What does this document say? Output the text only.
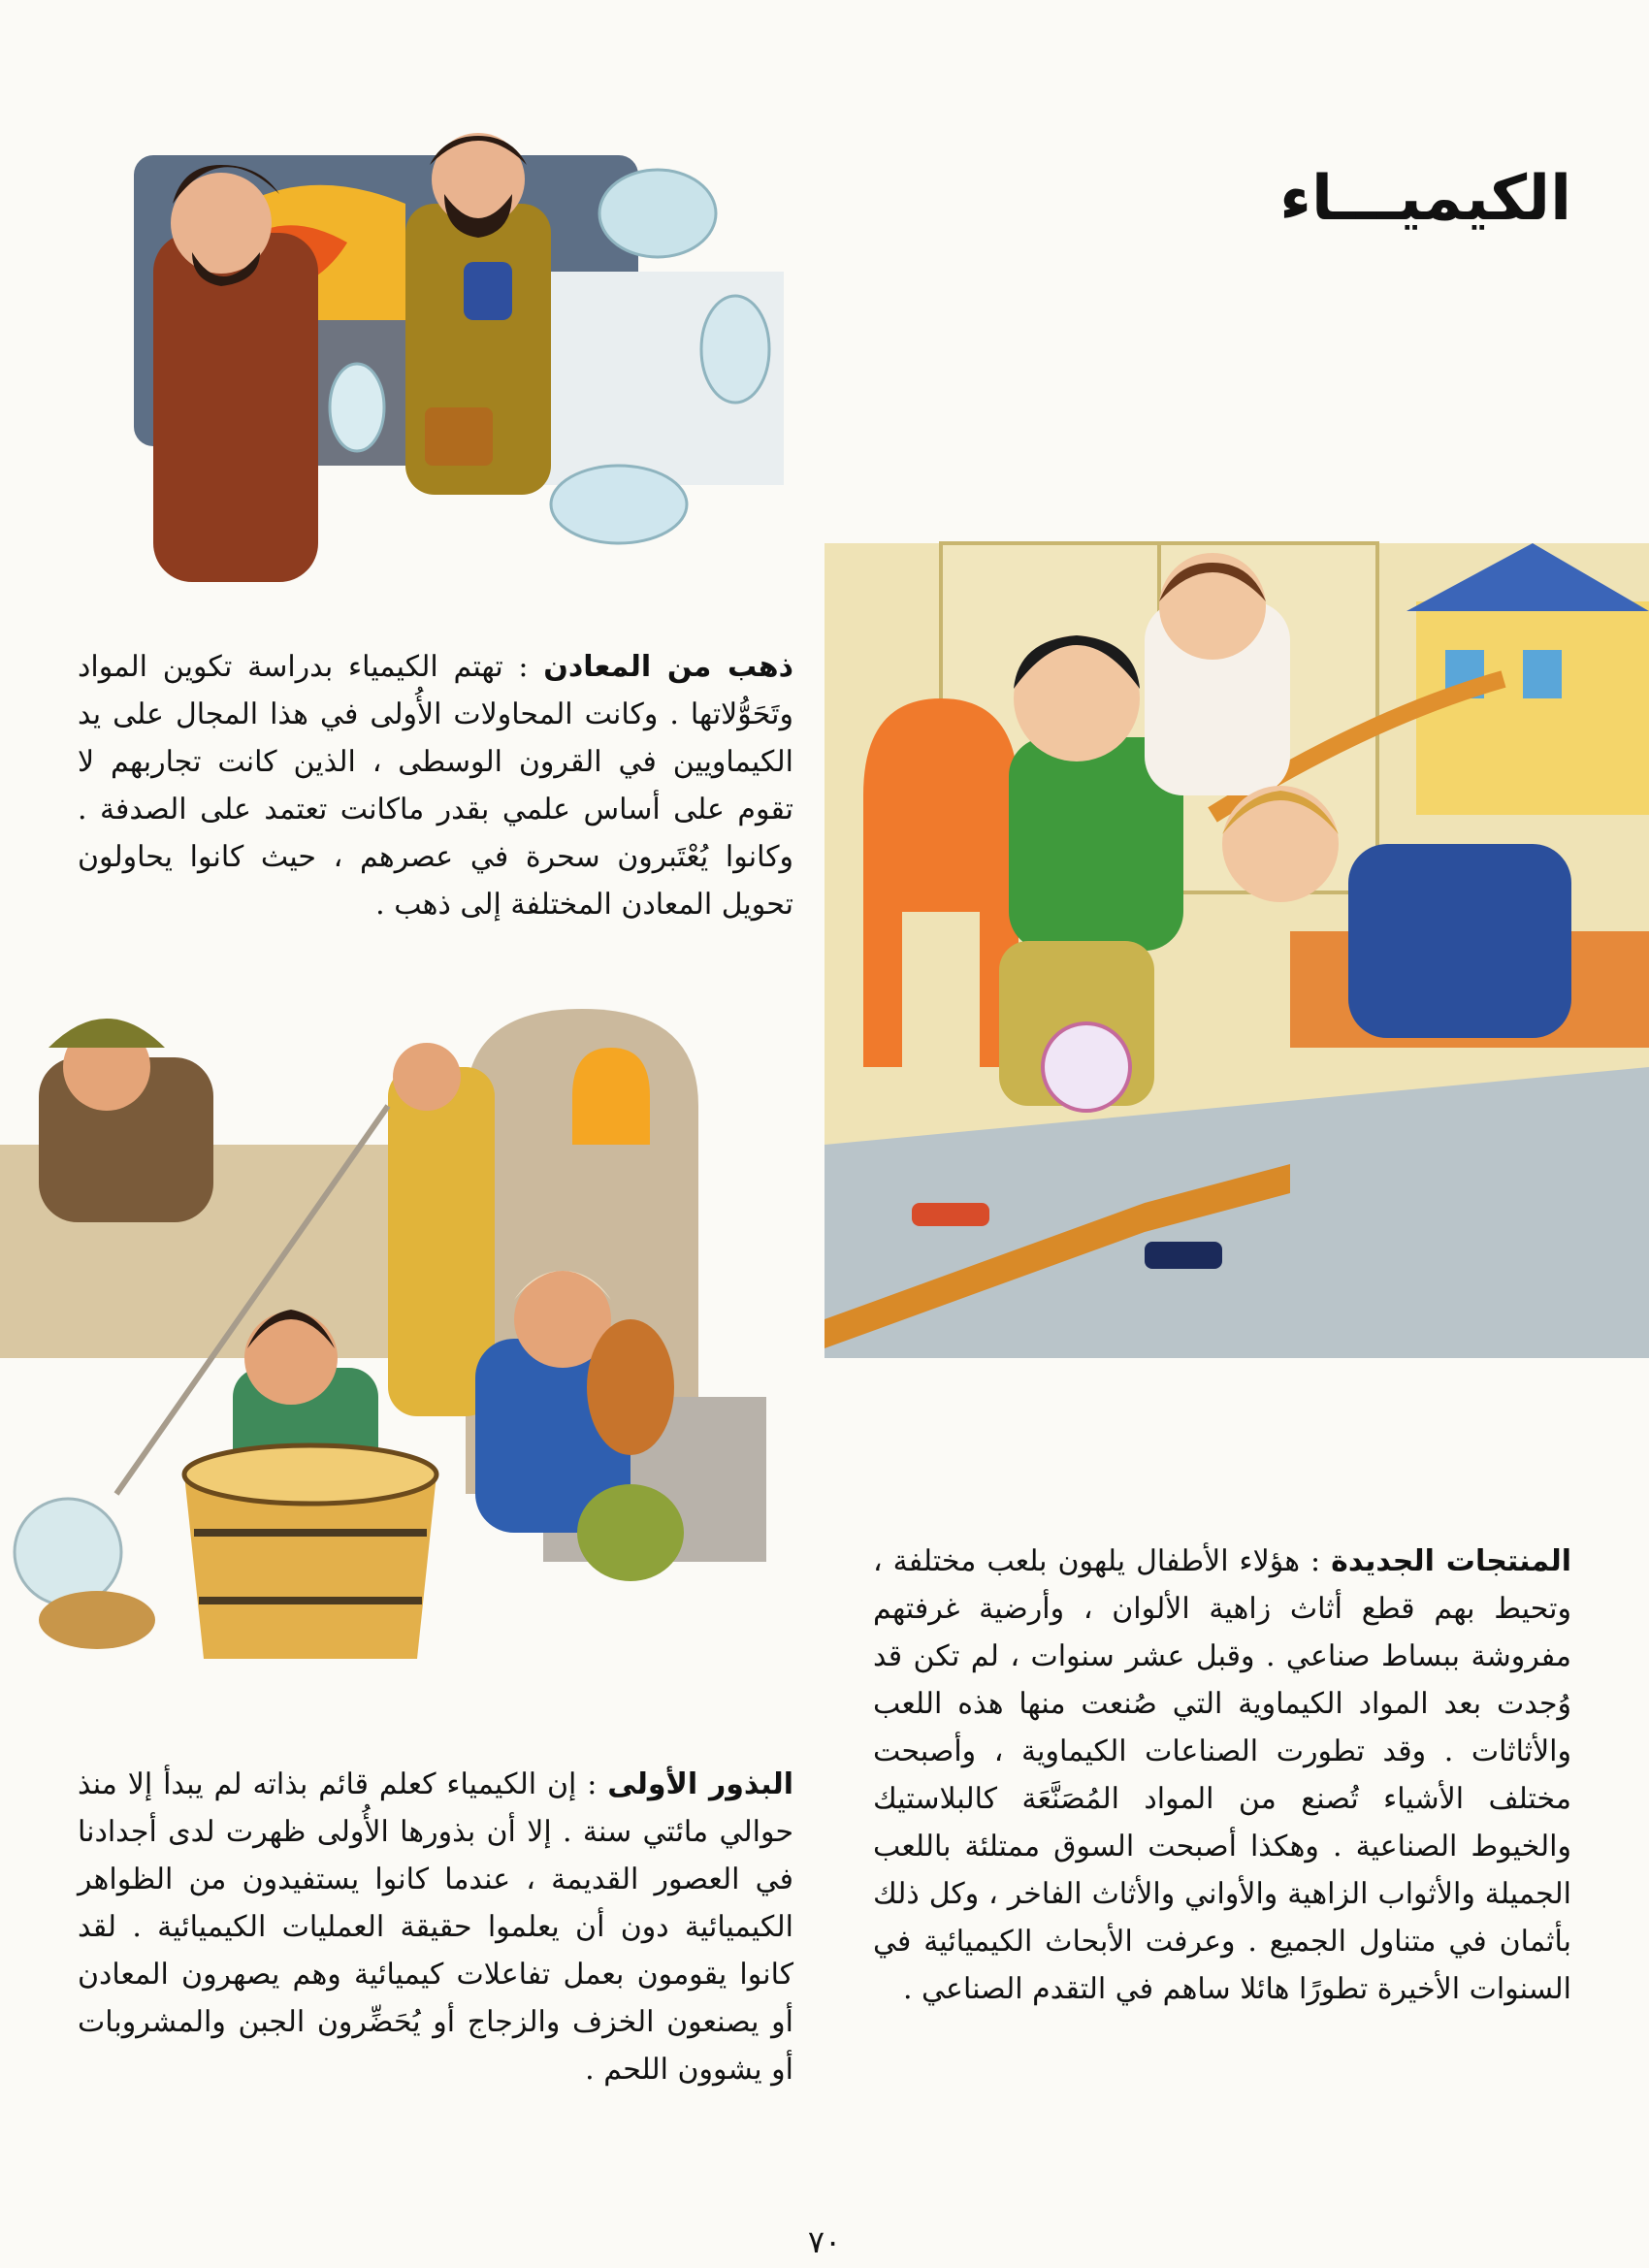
الكيميـــاء

ذهب من المعادن : تهتم الكيمياء بدراسة تكوين المواد وتَحَوُّلاتها . وكانت المحاولات الأُولى في هذا المجال على يد الكيماويين في القرون الوسطى ، الذين كانت تجاربهم لا تقوم على أساس علمي بقدر ماكانت تعتمد على الصدفة . وكانوا يُعْتَبرون سحرة في عصرهم ، حيث كانوا يحاولون تحويل المعادن المختلفة إلى ذهب .

البذور الأولى : إن الكيمياء كعلم قائم بذاته لم يبدأ إلا منذ حوالي مائتي سنة . إلا أن بذورها الأُولى ظهرت لدى أجدادنا في العصور القديمة ، عندما كانوا يستفيدون من الظواهر الكيميائية دون أن يعلموا حقيقة العمليات الكيميائية . لقد كانوا يقومون بعمل تفاعلات كيميائية وهم يصهرون المعادن أو يصنعون الخزف والزجاج أو يُحَضِّرون الجبن والمشروبات أو يشوون اللحم .

المنتجات الجديدة : هؤلاء الأطفال يلهون بلعب مختلفة ، وتحيط بهم قطع أثاث زاهية الألوان ، وأرضية غرفتهم مفروشة ببساط صناعي . وقبل عشر سنوات ، لم تكن قد وُجدت بعد المواد الكيماوية التي صُنعت منها هذه اللعب والأثاثات . وقد تطورت الصناعات الكيماوية ، وأصبحت مختلف الأشياء تُصنع من المواد المُصَنَّعَة كالبلاستيك والخيوط الصناعية . وهكذا أصبحت السوق ممتلئة باللعب الجميلة والأثواب الزاهية والأواني والأثاث الفاخر ، وكل ذلك بأثمان في متناول الجميع . وعرفت الأبحاث الكيميائية في السنوات الأخيرة تطورًا هائلا ساهم في التقدم الصناعي .

٧٠
